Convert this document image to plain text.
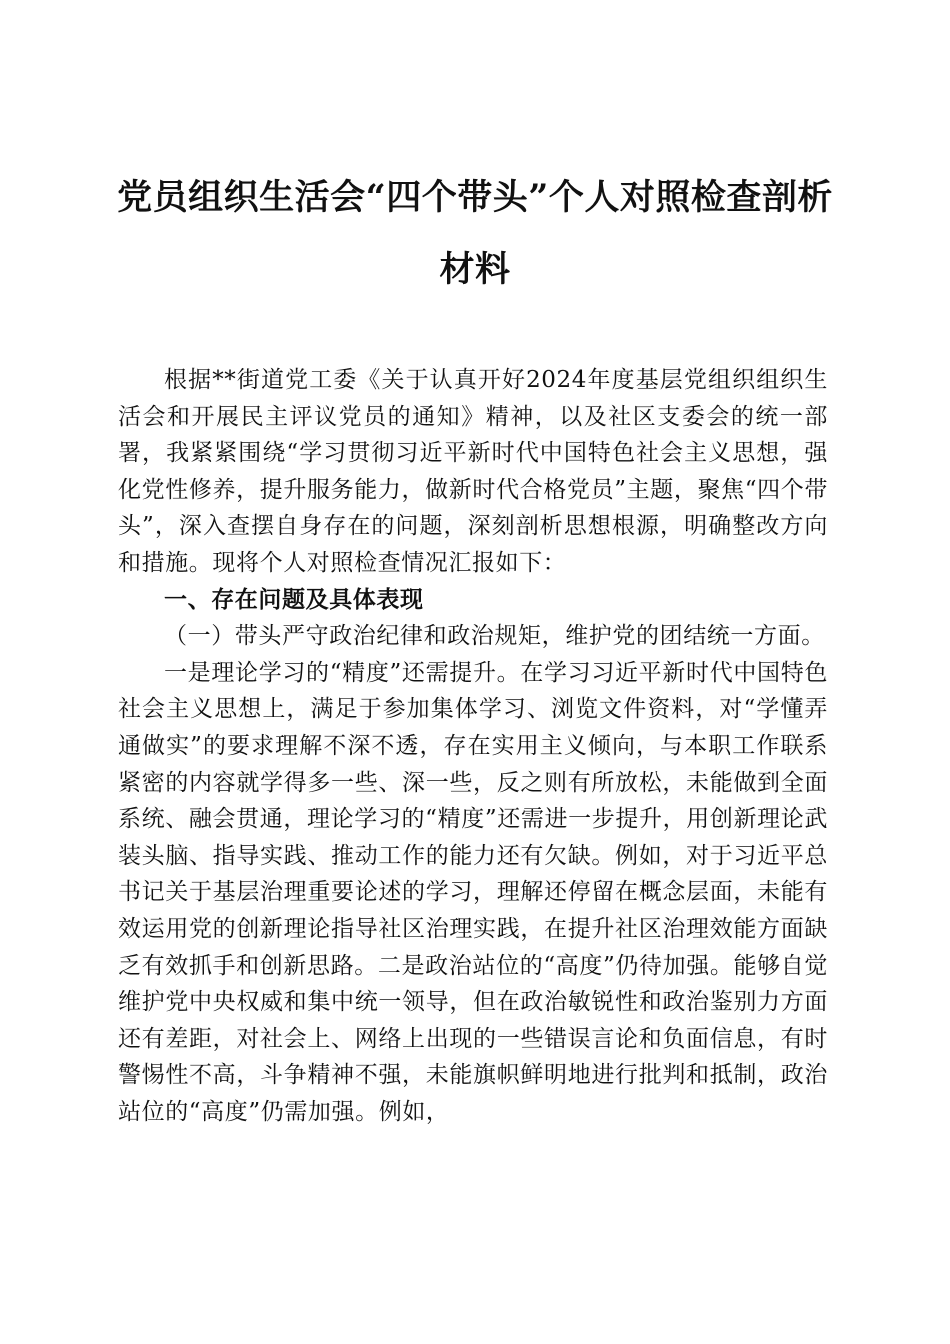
党员组织生活会“四个带头”个人对照检查剖析材料

根据**街道党工委《关于认真开好2024年度基层党组织组织生活会和开展民主评议党员的通知》精神，以及社区支委会的统一部署，我紧紧围绕“学习贯彻习近平新时代中国特色社会主义思想，强化党性修养，提升服务能力，做新时代合格党员”主题，聚焦“四个带头”，深入查摆自身存在的问题，深刻剖析思想根源，明确整改方向和措施。现将个人对照检查情况汇报如下：

一、存在问题及具体表现

（一）带头严守政治纪律和政治规矩，维护党的团结统一方面。

一是理论学习的“精度”还需提升。在学习习近平新时代中国特色社会主义思想上，满足于参加集体学习、浏览文件资料，对“学懂弄通做实”的要求理解不深不透，存在实用主义倾向，与本职工作联系紧密的内容就学得多一些、深一些，反之则有所放松，未能做到全面系统、融会贯通，理论学习的“精度”还需进一步提升，用创新理论武装头脑、指导实践、推动工作的能力还有欠缺。例如，对于习近平总书记关于基层治理重要论述的学习，理解还停留在概念层面，未能有效运用党的创新理论指导社区治理实践，在提升社区治理效能方面缺乏有效抓手和创新思路。二是政治站位的“高度”仍待加强。能够自觉维护党中央权威和集中统一领导，但在政治敏锐性和政治鉴别力方面还有差距，对社会上、网络上出现的一些错误言论和负面信息，有时警惕性不高，斗争精神不强，未能旗帜鲜明地进行批判和抵制，政治站位的“高度”仍需加强。例如，
